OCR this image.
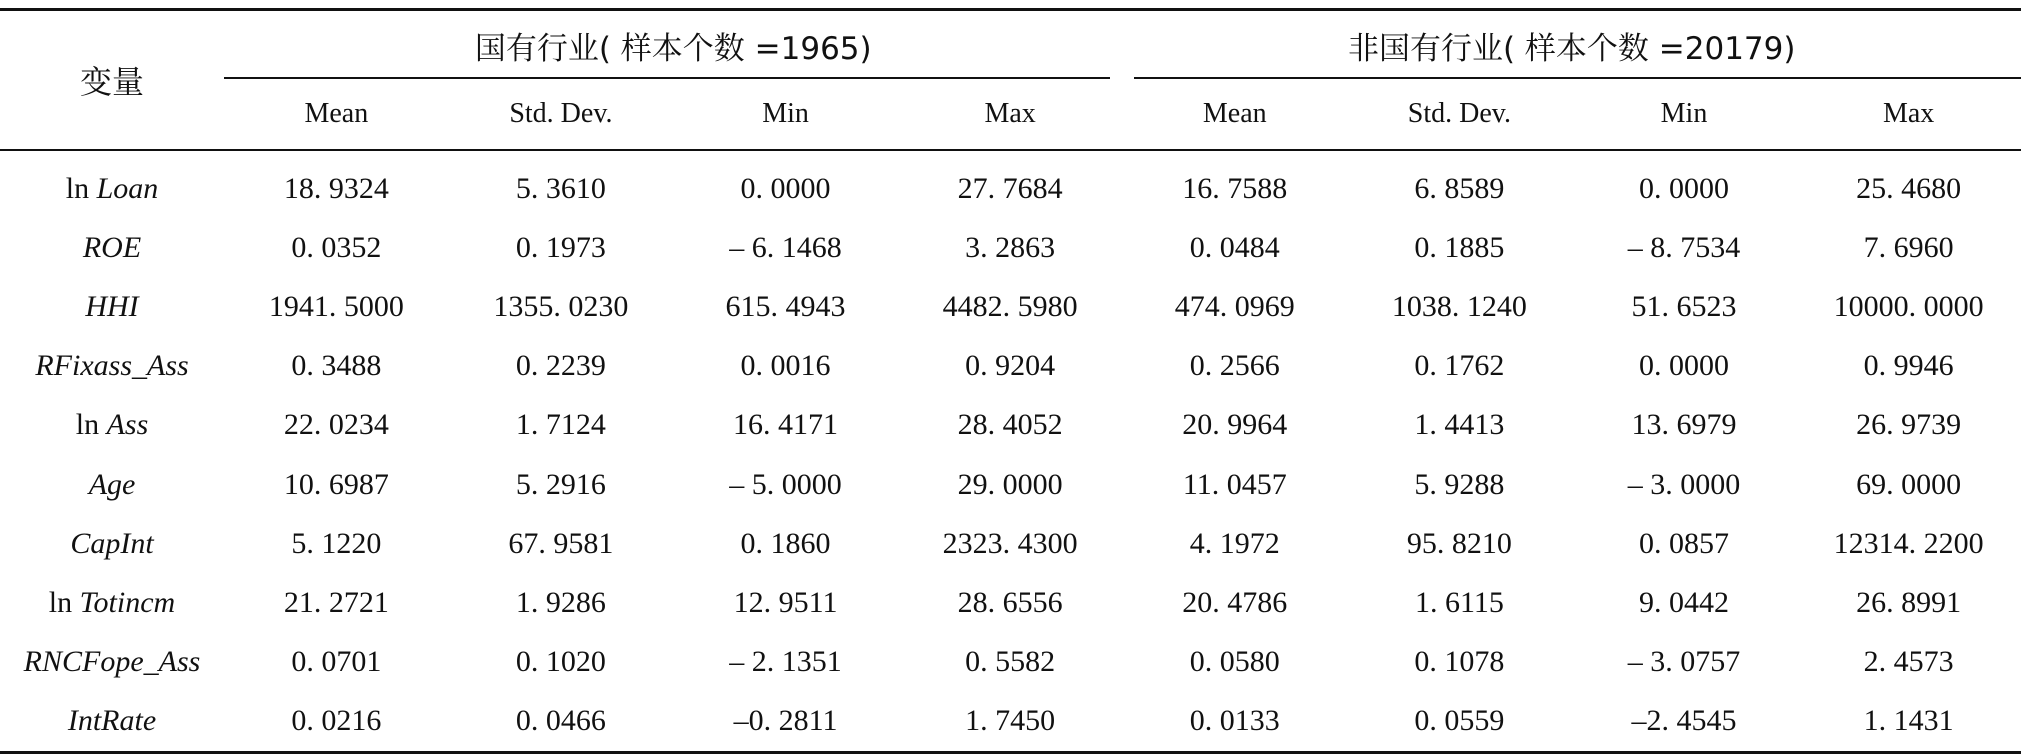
变量	国有行业( 样本个数 =1965)				非国有行业( 样本个数 =20179)			
	Mean	Std. Dev.	Min	Max	Mean	Std. Dev.	Min	Max
ln Loan	18. 9324	5. 3610	0. 0000	27. 7684	16. 7588	6. 8589	0. 0000	25. 4680
ROE	0. 0352	0. 1973	– 6. 1468	3. 2863	0. 0484	0. 1885	– 8. 7534	7. 6960
HHI	1941. 5000	1355. 0230	615. 4943	4482. 5980	474. 0969	1038. 1240	51. 6523	10000. 0000
RFixass_Ass	0. 3488	0. 2239	0. 0016	0. 9204	0. 2566	0. 1762	0. 0000	0. 9946
ln Ass	22. 0234	1. 7124	16. 4171	28. 4052	20. 9964	1. 4413	13. 6979	26. 9739
Age	10. 6987	5. 2916	– 5. 0000	29. 0000	11. 0457	5. 9288	– 3. 0000	69. 0000
CapInt	5. 1220	67. 9581	0. 1860	2323. 4300	4. 1972	95. 8210	0. 0857	12314. 2200
ln Totincm	21. 2721	1. 9286	12. 9511	28. 6556	20. 4786	1. 6115	9. 0442	26. 8991
RNCFope_Ass	0. 0701	0. 1020	– 2. 1351	0. 5582	0. 0580	0. 1078	– 3. 0757	2. 4573
IntRate	0. 0216	0. 0466	–0. 2811	1. 7450	0. 0133	0. 0559	–2. 4545	1. 1431
